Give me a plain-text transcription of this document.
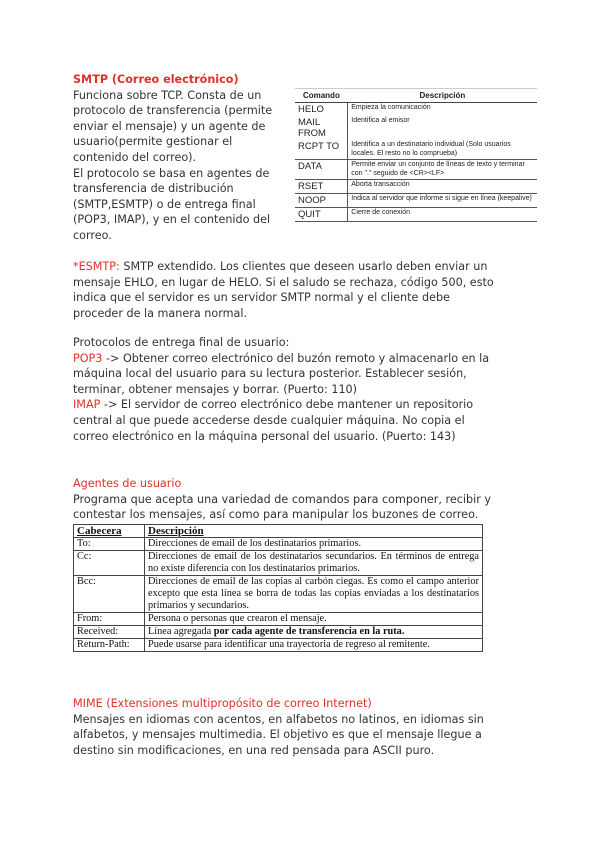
SMTP (Correo electrónico)

Funciona sobre TCP. Consta de un

protocolo de transferencia (permite

enviar el mensaje) y un agente de

usuario(permite gestionar el

contenido del correo).

El protocolo se basa en agentes de

transferencia de distribución

(SMTP,ESMTP) o de entrega final

(POP3, IMAP), y en el contenido del

correo.

Comando	Descripción
HELO	Empieza la comunicación
MAIL FROM	Identifica al emisor
RCPT TO	Identifica a un destinatario individual (Solo usuarios locales. El resto no lo comprueba)
DATA	Permite enviar un conjunto de líneas de texto y terminar con "." seguido de <CR><LF>
RSET	Aborta transacción
NOOP	Indica al servidor que informe si sigue en línea (keepalive)
QUIT	Cierre de conexión

*ESMTP: SMTP extendido. Los clientes que deseen usarlo deben enviar un mensaje EHLO, en lugar de HELO. Si el saludo se rechaza, código 500, esto indica que el servidor es un servidor SMTP normal y el cliente debe proceder de la manera normal.

Protocolos de entrega final de usuario:

POP3 -> Obtener correo electrónico del buzón remoto y almacenarlo en la máquina local del usuario para su lectura posterior. Establecer sesión, terminar, obtener mensajes y borrar. (Puerto: 110)

IMAP -> El servidor de correo electrónico debe mantener un repositorio central al que puede accederse desde cualquier máquina. No copia el correo electrónico en la máquina personal del usuario. (Puerto: 143)

Agentes de usuario

Programa que acepta una variedad de comandos para componer, recibir y contestar los mensajes, así como para manipular los buzones de correo.

Cabecera	Descripción
To:	Direcciones de email de los destinatarios primarios.
Cc:	Direcciones de email de los destinatarios secundarios. En términos de entrega no existe diferencia con los destinatarios primarios.
Bcc:	Direcciones de email de las copias al carbón ciegas. Es como el campo anterior excepto que esta línea se borra de todas las copias enviadas a los destinatarios primarios y secundarios.
From:	Persona o personas que crearon el mensaje.
Received:	Línea agregada por cada agente de transferencia en la ruta.
Return-Path:	Puede usarse para identificar una trayectoria de regreso al remitente.

MIME (Extensiones multipropósito de correo Internet)

Mensajes en idiomas con acentos, en alfabetos no latinos, en idiomas sin alfabetos, y mensajes multimedia. El objetivo es que el mensaje llegue a destino sin modificaciones, en una red pensada para ASCII puro.
